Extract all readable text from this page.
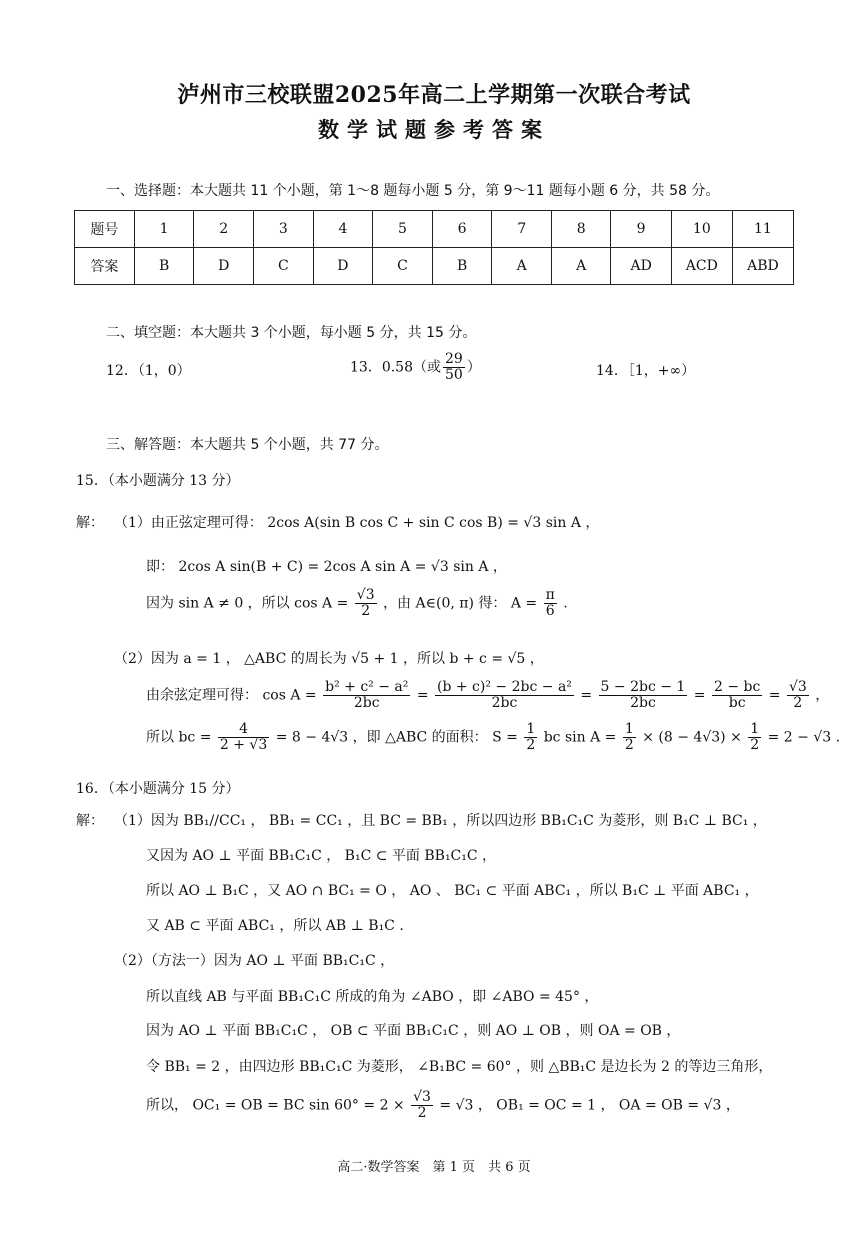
泸州市三校联盟2025年高二上学期第一次联合考试
数学试题参考答案
一、选择题：本大题共 11 个小题，第 1～8 题每小题 5 分，第 9～11 题每小题 6 分，共 58 分。
题号	1	2	3	4	5	6	7	8	9	10	11
答案	B	D	C	D	C	B	A	A	AD	ACD	ABD
二、填空题：本大题共 3 个小题，每小题 5 分，共 15 分。
12．（1，0）	13．0.58（或 $\frac{29}{50}$ ）	14．［1，+∞）
三、解答题：本大题共 5 个小题，共 77 分。
15．（本小题满分 13 分）
解： （1）由正弦定理可得： 2cos A(sin B cos C + sin C cos B) = √3 sin A ，
即： 2cos A sin(B + C) = 2cos A sin A = √3 sin A ，
因为 sin A ≠ 0 ，所以 $\cos A = \frac{√3}{2}$ ，由 A∈(0, π) 得： $A = \frac{\pi}{6}$ .
（2）因为 a = 1 ， △ABC 的周长为 √5 + 1 ，所以 b + c = √5 ，
由余弦定理可得： $\cos A = \frac{\text{b² + c² − a²}}{2bc} = \frac{\text{(b + c)² − 2bc − a²}}{2bc} = \frac{5 - 2bc - 1}{2bc} = \frac{2 - bc}{bc} = \frac{√3}{2}$ ，
所以 bc = $\frac{4}{2 + √3} = 8 - 4√3$ ，即 △ABC 的面积： $S = \frac{1}{2}$ bc $\sin A = \frac{1}{2} \times (8 - 4√3) \times \frac{1}{2} = 2 - √3$ .
16．（本小题满分 15 分）
解： （1）因为 BB₁//CC₁ ， BB₁ = CC₁ ，且 BC = BB₁ ，所以四边形 BB₁C₁C 为菱形，则 B₁C ⊥ BC₁ ，
又因为 AO ⊥ 平面 BB₁C₁C ， B₁C ⊂ 平面 BB₁C₁C ，
所以 AO ⊥ B₁C ，又 AO ∩ BC₁ = O ， AO 、 BC₁ ⊂ 平面 ABC₁ ，所以 B₁C ⊥ 平面 ABC₁ ，
又 AB ⊂ 平面 ABC₁ ，所以 AB ⊥ B₁C .
（2）（方法一）因为 AO ⊥ 平面 BB₁C₁C ，
所以直线 AB 与平面 BB₁C₁C 所成的角为 ∠ABO ，即 ∠ABO = 45° ，
因为 AO ⊥ 平面 BB₁C₁C ， OB ⊂ 平面 BB₁C₁C ，则 AO ⊥ OB ，则 OA = OB ，
令 BB₁ = 2 ，由四边形 BB₁C₁C 为菱形， ∠B₁BC = 60° ，则 △BB₁C 是边长为 2 的等边三角形，
所以， OC₁ = OB = BC $\sin 60^\circ = 2 \times \frac{√3}{2} = √3$ ， OB₁ = OC = 1 ， OA = OB = √3 ，
高二·数学答案　第 1 页　共 6 页
